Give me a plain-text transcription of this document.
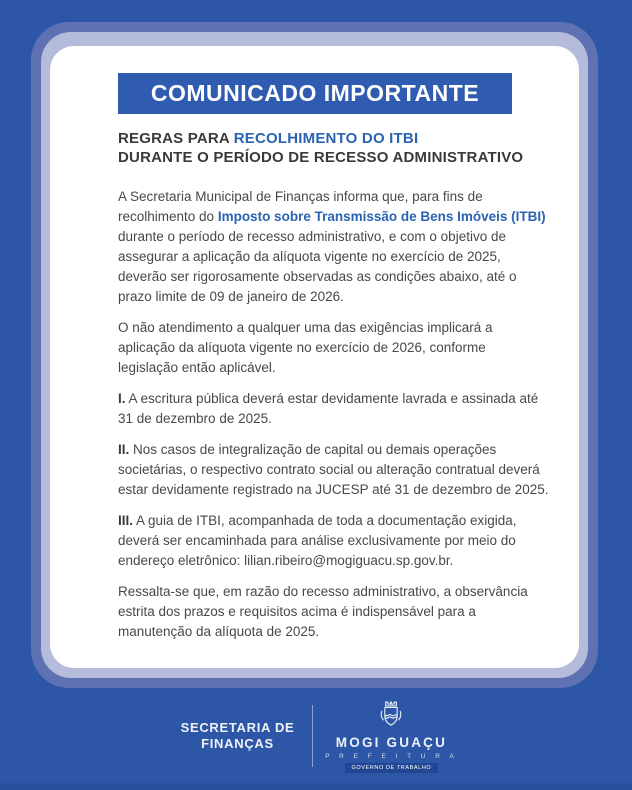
COMUNICADO IMPORTANTE
REGRAS PARA RECOLHIMENTO DO ITBI
DURANTE O PERÍODO DE RECESSO ADMINISTRATIVO

A Secretaria Municipal de Finanças informa que, para fins de recolhimento do Imposto sobre Transmissão de Bens Imóveis (ITBI) durante o período de recesso administrativo, e com o objetivo de assegurar a aplicação da alíquota vigente no exercício de 2025, deverão ser rigorosamente observadas as condições abaixo, até o prazo limite de 09 de janeiro de 2026.

O não atendimento a qualquer uma das exigências implicará a aplicação da alíquota vigente no exercício de 2026, conforme legislação então aplicável.

I. A escritura pública deverá estar devidamente lavrada e assinada até 31 de dezembro de 2025.

II. Nos casos de integralização de capital ou demais operações societárias, o respectivo contrato social ou alteração contratual deverá estar devidamente registrado na JUCESP até 31 de dezembro de 2025.

III. A guia de ITBI, acompanhada de toda a documentação exigida, deverá ser encaminhada para análise exclusivamente por meio do endereço eletrônico: lilian.ribeiro@mogiguacu.sp.gov.br.

Ressalta-se que, em razão do recesso administrativo, a observância estrita dos prazos e requisitos acima é indispensável para a manutenção da alíquota de 2025.

SECRETARIA DE
FINANÇAS	MOGI GUAÇU
P R E F E I T U R A
GOVERNO DE TRABALHO
